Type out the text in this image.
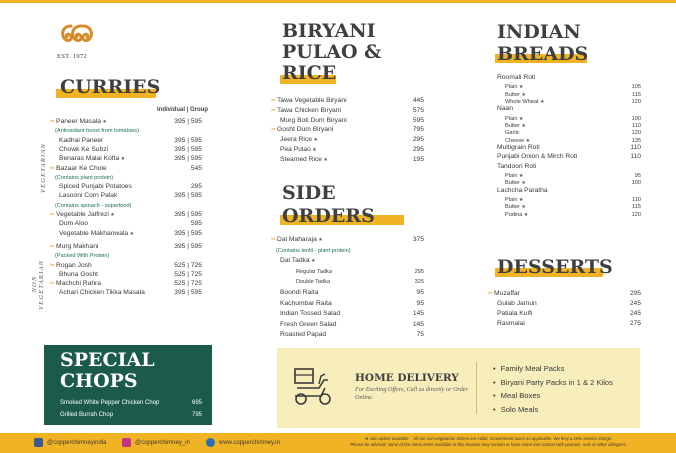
EST. 1972
CURRIES
Individual | Group
VEGETARIAN
NON VEGETARIAN
✂Paneer Masala ★	395 | 595
(Antioxidant boost from tomatoes)
Kadhai Paneer	395 | 595
Chowk Ke Subzi	395 | 595
Benaras Malai Kofta ★	395 | 595
✂Bazaar Ke Chole	545
(Contains plant protein)
Spiced Punjabi Potatoes	295
Lasooni Corn Palak	395 | 595
(Contains spinach - superfood)
✂Vegetable Jalfrezi ★	395 | 595
Dum Aloo	595
Vegetable Makhanwala ★	395 | 595
✂Murg Makhani	395 | 595
(Packed With Protein)
✂Rogan Josh	525 | 725
Bhuna Gosht	525 | 725
✂Machchi Rahra	525 | 725
Achari Chicken Tikka Masala	395 | 595
SPECIAL
CHOPS
Smoked White Pepper Chicken Chop	695
Grilled Burrah Chop	795
BIRYANI
PULAO &
RICE
✂Tawa Vegetable Biryani	445
✂Tawa Chicken Biryani	575
Murg Boti Dum Biryani	595
✂Gosht Dum Biryani	795
Jeera Rice ★	295
Pea Pulao ★	295
Steamed Rice ★	195
SIDE
ORDERS
✂Dal Maharaja ★	375
(Contains lentil - plant protein)
Dal Tadka ★
Regular Tadka	295
Double Tadka	325
Boondi Raita	95
Kachumbar Raita	95
Indian Tossed Salad	145
Fresh Green Salad	145
Roasted Papad	75
INDIAN
BREADS
Roomali Roti
Plain ★	105
Butter ★	115
Whole Wheat ★	120
Naan
Plain ★	100
Butter ★	110
Garlic	120
Cheese ★	135
Multigrain Roti	110
Punjabi Onion & Mirch Roti	110
Tandoori Roti
Plain ★	95
Butter ★	100
Lachcha Paratha
Plain ★	110
Butter ★	115
Pudina ★	120
DESSERTS
✂Muzaffar	295
Gulab Jamun	245
Patiala Kulfi	245
Rasmalai	275
HOME DELIVERY
For Exciting Offers, Call as directly or Order Online.
• Family Meal Packs
• Biryani Party Packs in 1 & 2 Kilos
• Meal Boxes
• Solo Meals
@copperchimneyindia	@copperchimney_in	www.copperchimney.in
★ Jain option available All our non-vegetarian dishes are Halal. Government taxes as applicable. We levy a 10% service charge.
Please be advised, some of the menu items available at this location may contain or have come into contact with peanuts, nuts or other allergens.
